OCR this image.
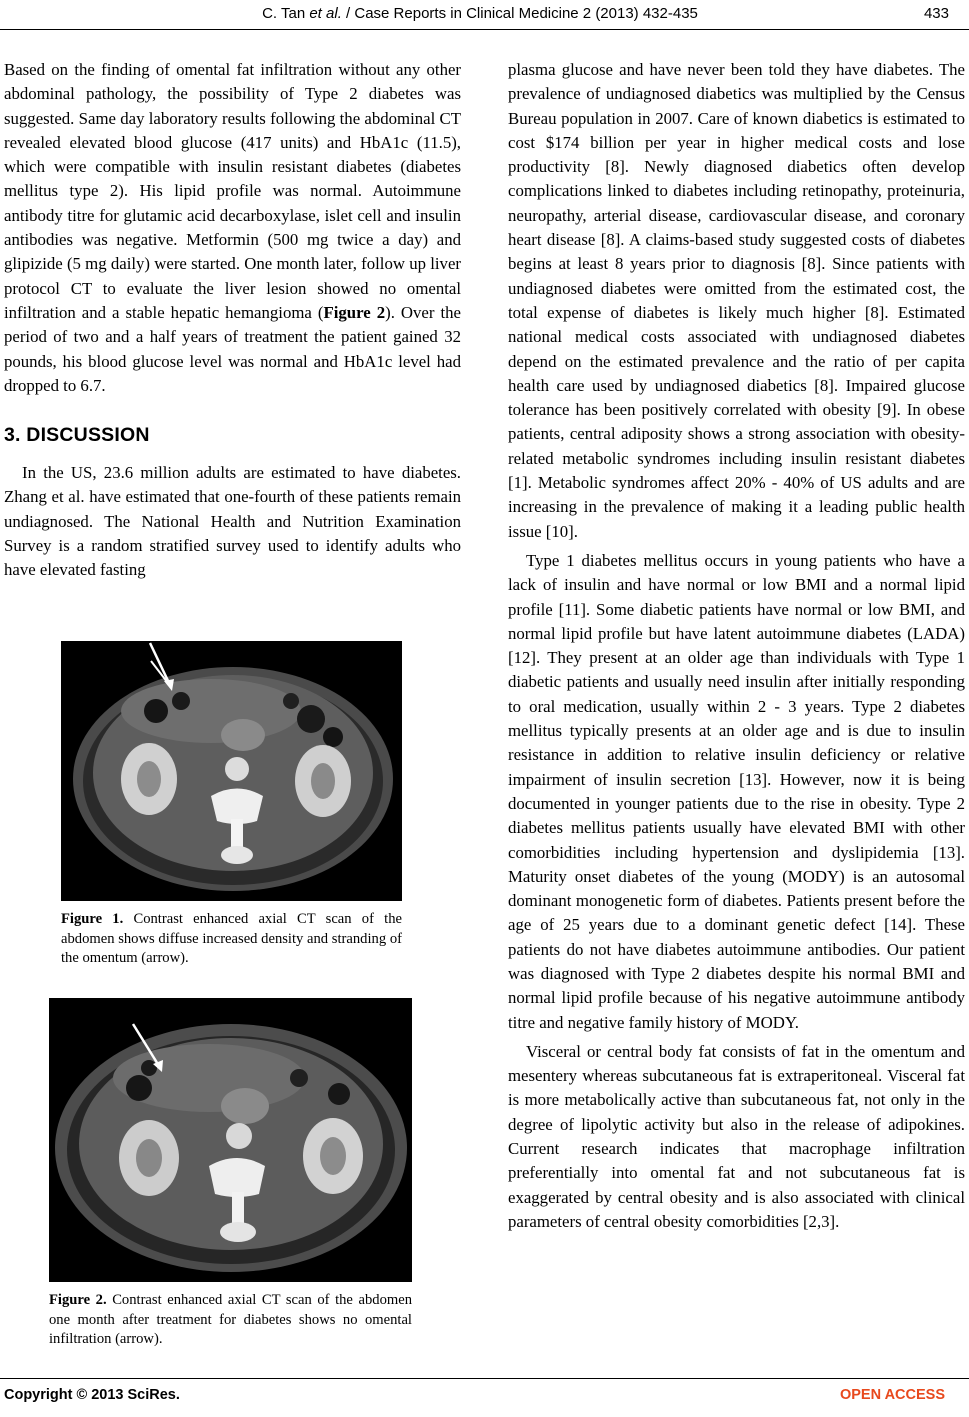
C. Tan et al. / Case Reports in Clinical Medicine 2 (2013) 432-435	433

Based on the finding of omental fat infiltration without any other abdominal pathology, the possibility of Type 2 diabetes was suggested. Same day laboratory results following the abdominal CT revealed elevated blood glucose (417 units) and HbA1c (11.5), which were compatible with insulin resistant diabetes (diabetes mellitus type 2). His lipid profile was normal. Autoimmune antibody titre for glutamic acid decarboxylase, islet cell and insulin antibodies was negative. Metformin (500 mg twice a day) and glipizide (5 mg daily) were started. One month later, follow up liver protocol CT to evaluate the liver lesion showed no omental infiltration and a stable hepatic hemangioma (Figure 2). Over the period of two and a half years of treatment the patient gained 32 pounds, his blood glucose level was normal and HbA1c level had dropped to 6.7.

3. DISCUSSION

In the US, 23.6 million adults are estimated to have diabetes. Zhang et al. have estimated that one-fourth of these patients remain undiagnosed. The National Health and Nutrition Examination Survey is a random stratified survey used to identify adults who have elevated fasting

Figure 1. Contrast enhanced axial CT scan of the abdomen shows diffuse increased density and stranding of the omentum (arrow).
Figure 2. Contrast enhanced axial CT scan of the abdomen one month after treatment for diabetes shows no omental infiltration (arrow).

plasma glucose and have never been told they have diabetes. The prevalence of undiagnosed diabetics was multiplied by the Census Bureau population in 2007. Care of known diabetics is estimated to cost $174 billion per year in higher medical costs and lose productivity [8]. Newly diagnosed diabetics often develop complications linked to diabetes including retinopathy, proteinuria, neuropathy, arterial disease, cardiovascular disease, and coronary heart disease [8]. A claims-based study suggested costs of diabetes begins at least 8 years prior to diagnosis [8]. Since patients with undiagnosed diabetes were omitted from the estimated cost, the total expense of diabetes is likely much higher [8]. Estimated national medical costs associated with undiagnosed diabetes depend on the estimated prevalence and the ratio of per capita health care used by undiagnosed diabetics [8]. Impaired glucose tolerance has been positively correlated with obesity [9]. In obese patients, central adiposity shows a strong association with obesity-related metabolic syndromes including insulin resistant diabetes [1]. Metabolic syndromes affect 20% - 40% of US adults and are increasing in the prevalence of making it a leading public health issue [10].

Type 1 diabetes mellitus occurs in young patients who have a lack of insulin and have normal or low BMI and a normal lipid profile [11]. Some diabetic patients have normal or low BMI, and normal lipid profile but have latent autoimmune diabetes (LADA) [12]. They present at an older age than individuals with Type 1 diabetic patients and usually need insulin after initially responding to oral medication, usually within 2 - 3 years. Type 2 diabetes mellitus typically presents at an older age and is due to insulin resistance in addition to relative insulin deficiency or relative impairment of insulin secretion [13]. However, now it is being documented in younger patients due to the rise in obesity. Type 2 diabetes mellitus patients usually have elevated BMI with other comorbidities including hypertension and dyslipidemia [13]. Maturity onset diabetes of the young (MODY) is an autosomal dominant monogenetic form of diabetes. Patients present before the age of 25 years due to a dominant genetic defect [14]. These patients do not have diabetes autoimmune antibodies. Our patient was diagnosed with Type 2 diabetes despite his normal BMI and normal lipid profile because of his negative autoimmune antibody titre and negative family history of MODY.

Visceral or central body fat consists of fat in the omentum and mesentery whereas subcutaneous fat is extraperitoneal. Visceral fat is more metabolically active than subcutaneous fat, not only in the degree of lipolytic activity but also in the release of adipokines. Current research indicates that macrophage infiltration preferentially into omental fat and not subcutaneous fat is exaggerated by central obesity and is also associated with clinical parameters of central obesity comorbidities [2,3].

Copyright © 2013 SciRes.	OPEN ACCESS
